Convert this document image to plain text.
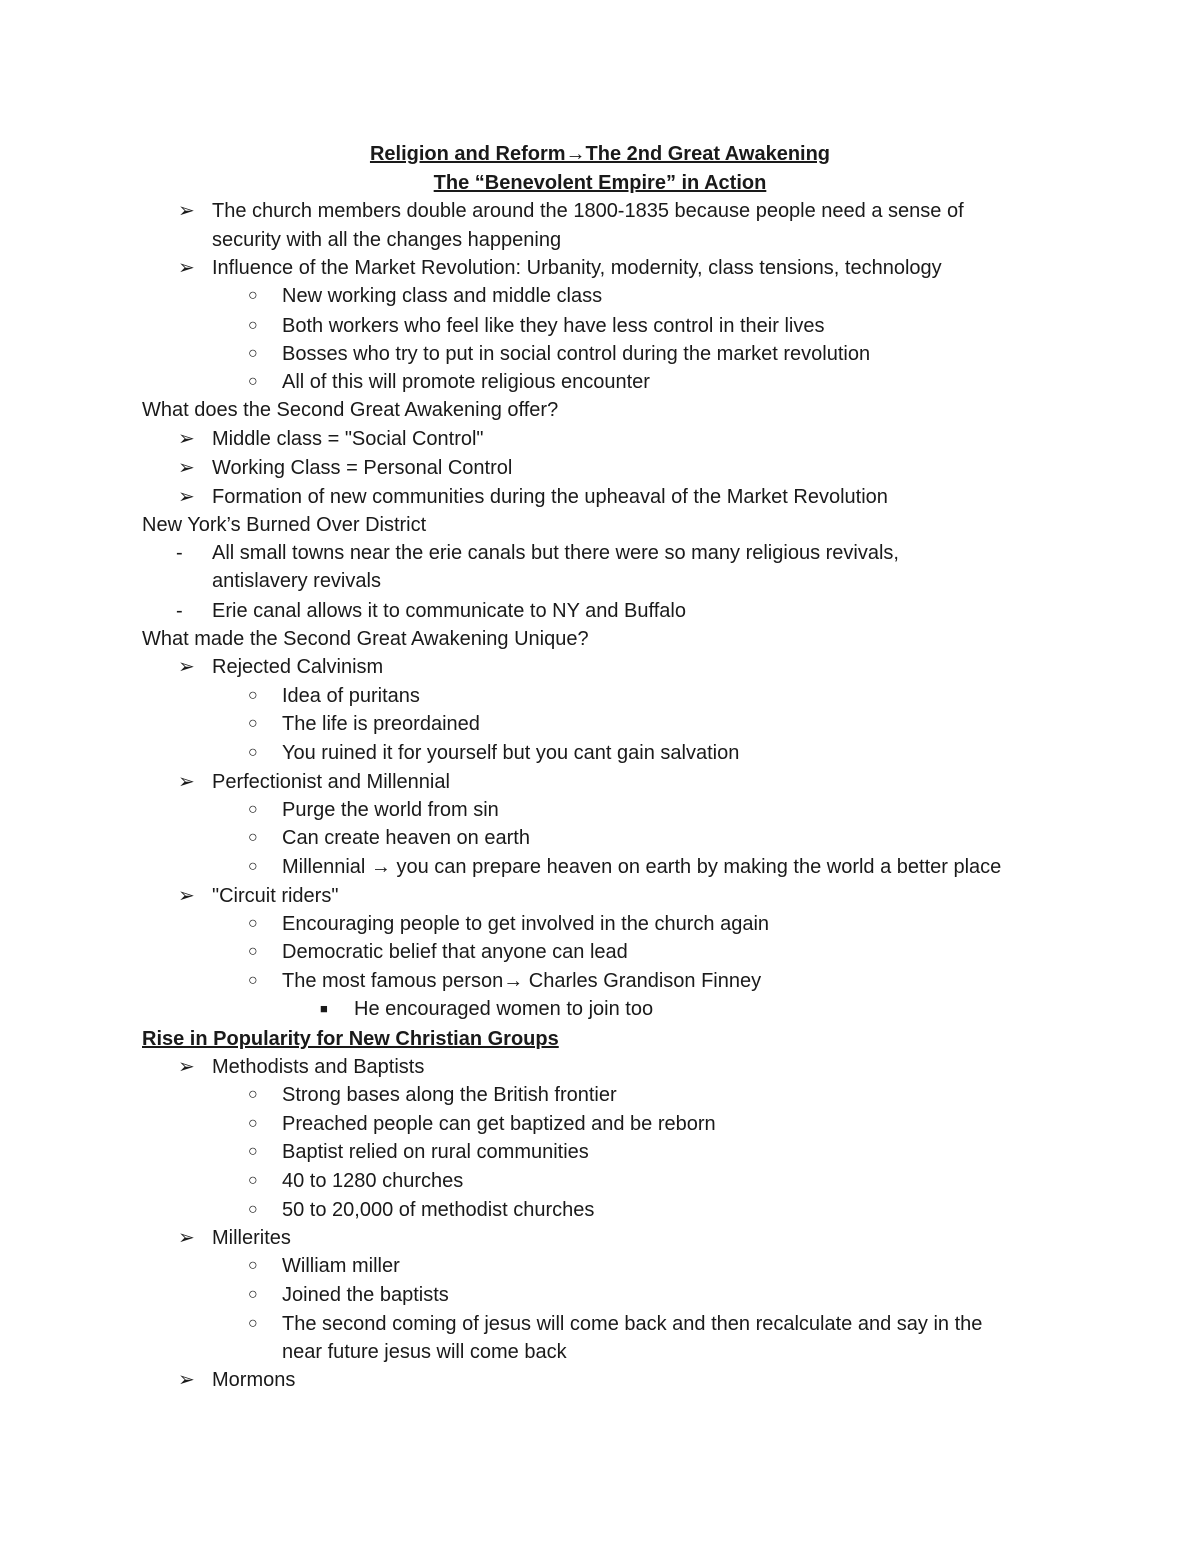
Religion and Reform→The 2nd Great Awakening
The “Benevolent Empire” in Action
➢ The church members double around the 1800-1835 because people need a sense of
security with all the changes happening
➢ Influence of the Market Revolution: Urbanity, modernity, class tensions, technology
○ New working class and middle class
○ Both workers who feel like they have less control in their lives
○ Bosses who try to put in social control during the market revolution
○ All of this will promote religious encounter
What does the Second Great Awakening offer?
➢ Middle class = "Social Control"
➢ Working Class = Personal Control
➢ Formation of new communities during the upheaval of the Market Revolution
New York’s Burned Over District
- All small towns near the erie canals but there were so many religious revivals,
antislavery revivals
- Erie canal allows it to communicate to NY and Buffalo
What made the Second Great Awakening Unique?
➢ Rejected Calvinism
○ Idea of puritans
○ The life is preordained
○ You ruined it for yourself but you cant gain salvation
➢ Perfectionist and Millennial
○ Purge the world from sin
○ Can create heaven on earth
○ Millennial → you can prepare heaven on earth by making the world a better place
➢ "Circuit riders"
○ Encouraging people to get involved in the church again
○ Democratic belief that anyone can lead
○ The most famous person→ Charles Grandison Finney
■ He encouraged women to join too
Rise in Popularity for New Christian Groups
➢ Methodists and Baptists
○ Strong bases along the British frontier
○ Preached people can get baptized and be reborn
○ Baptist relied on rural communities
○ 40 to 1280 churches
○ 50 to 20,000 of methodist churches
➢ Millerites
○ William miller
○ Joined the baptists
○ The second coming of jesus will come back and then recalculate and say in the
near future jesus will come back
➢ Mormons
